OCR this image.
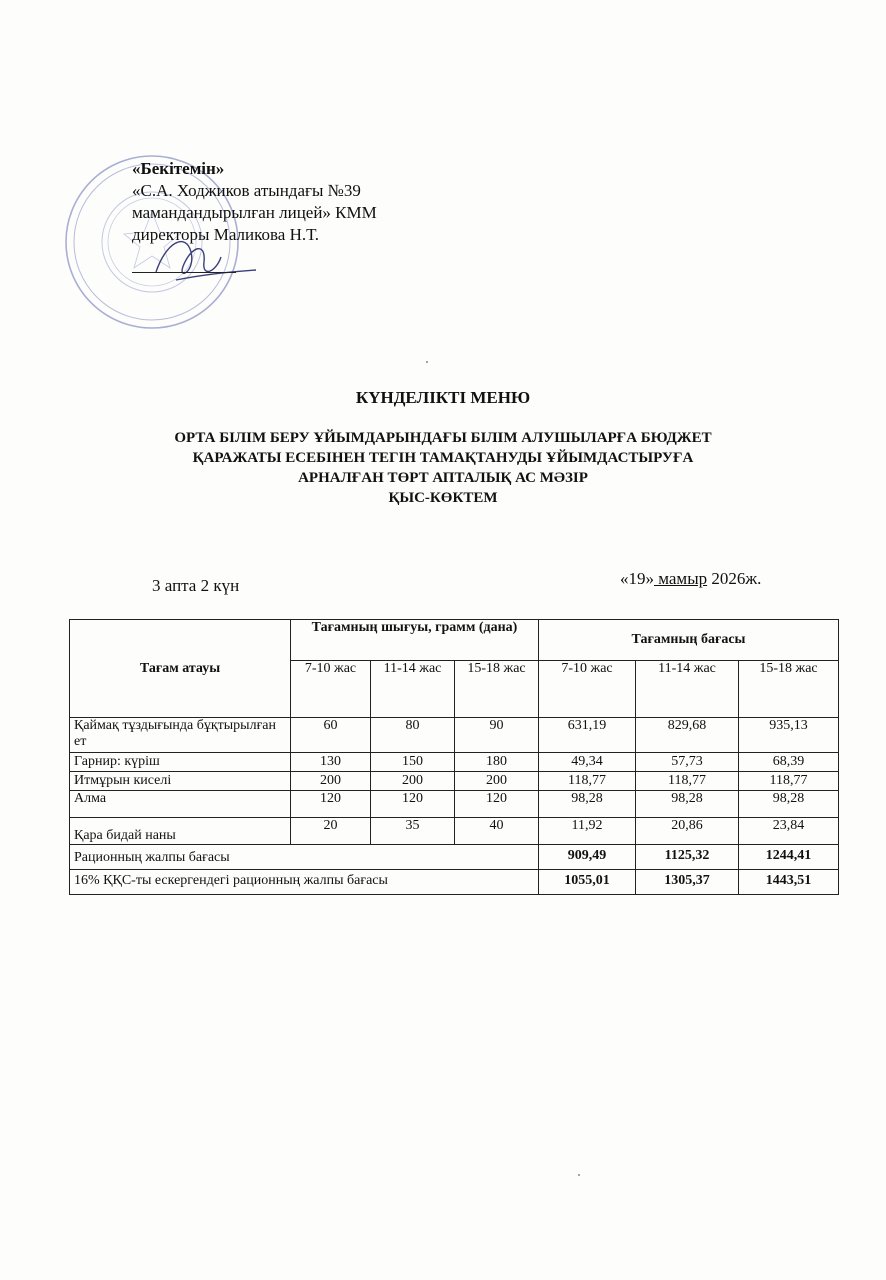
«Бекітемін»
«С.А. Ходжиков атындағы №39
мамандандырылған лицей» КММ
директоры Маликова Н.Т.
КҮНДЕЛІКТІ МЕНЮ
ОРТА БІЛІМ БЕРУ ҰЙЫМДАРЫНДАҒЫ БІЛІМ АЛУШЫЛАРҒА БЮДЖЕТ
ҚАРАЖАТЫ ЕСЕБІНЕН ТЕГІН ТАМАҚТАНУДЫ ҰЙЫМДАСТЫРУҒА
АРНАЛҒАН ТӨРТ АПТАЛЫҚ АС МӘЗІР
ҚЫС-КӨКТЕМ
3 апта 2 күн	«19» мамыр 2026ж.
Тағам атауы	Тағамның шығуы, грамм (дана)			Тағамның бағасы		
	7-10 жас	11-14 жас	15-18 жас	7-10 жас	11-14 жас	15-18 жас
Қаймақ тұздығында бұқтырылған ет	60	80	90	631,19	829,68	935,13
Гарнир: күріш	130	150	180	49,34	57,73	68,39
Итмұрын киселі	200	200	200	118,77	118,77	118,77
Алма	120	120	120	98,28	98,28	98,28
Қара бидай наны	20	35	40	11,92	20,86	23,84
Рационның жалпы бағасы				909,49	1125,32	1244,41
16% ҚҚС-ты ескергендегі рационның жалпы бағасы				1055,01	1305,37	1443,51
